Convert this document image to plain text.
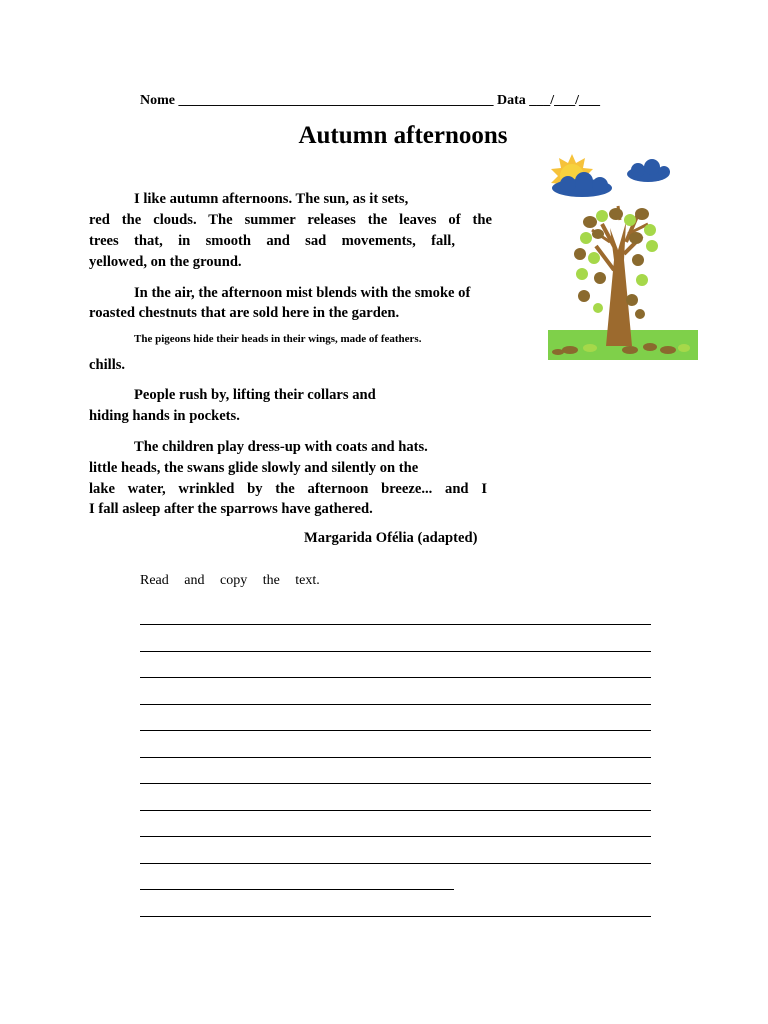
Nome _____________________________________________ Data ___/___/___
Autumn afternoons
I like autumn afternoons. The sun, as it sets,
red the clouds. The summer releases the leaves of the
trees that, in smooth and sad movements, fall,
yellowed, on the ground.
In the air, the afternoon mist blends with the smoke of
roasted chestnuts that are sold here in the garden.
The pigeons hide their heads in their wings, made of feathers.
chills.
People rush by, lifting their collars and
hiding hands in pockets.
The children play dress-up with coats and hats.
little heads, the swans glide slowly and silently on the
lake water, wrinkled by the afternoon breeze... and I
I fall asleep after the sparrows have gathered.
Margarida Ofélia (adapted)
Read and copy the text.
